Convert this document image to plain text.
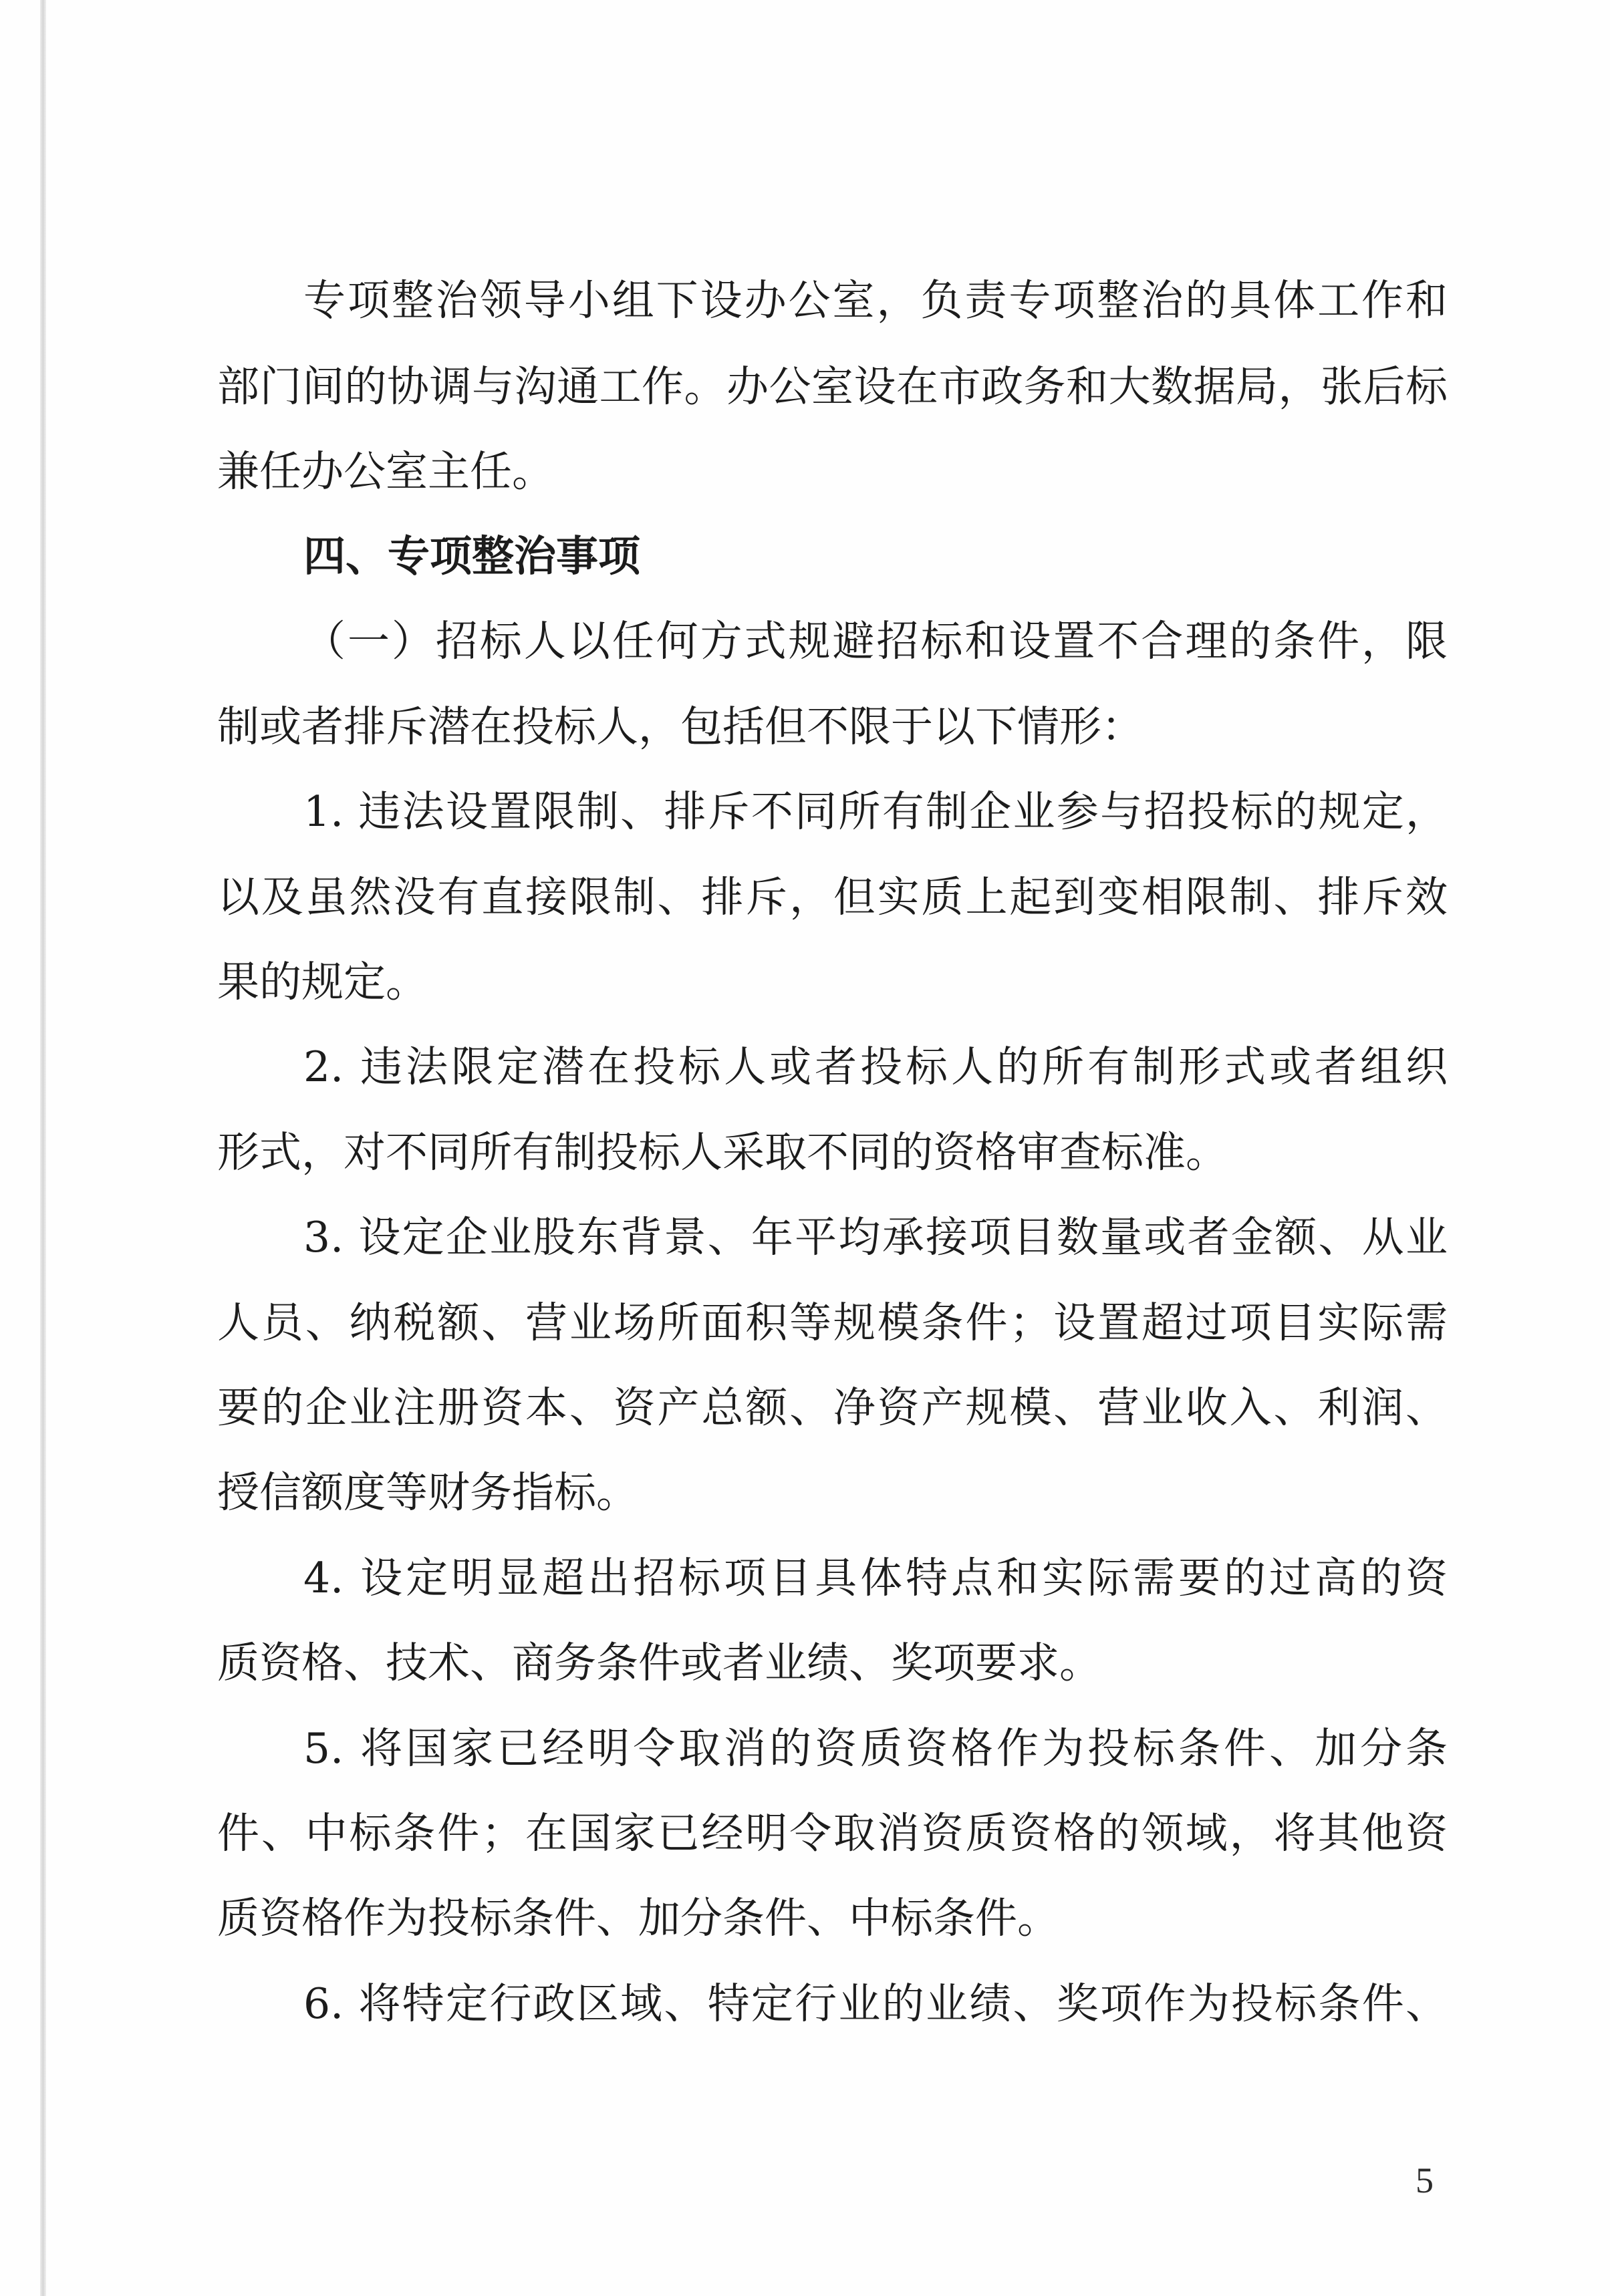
专项整治领导小组下设办公室，负责专项整治的具体工作和
部门间的协调与沟通工作。办公室设在市政务和大数据局，张后标
兼任办公室主任。
四、专项整治事项
（一）招标人以任何方式规避招标和设置不合理的条件，限
制或者排斥潜在投标人，包括但不限于以下情形：
1. 违法设置限制、排斥不同所有制企业参与招投标的规定，
以及虽然没有直接限制、排斥，但实质上起到变相限制、排斥效
果的规定。
2. 违法限定潜在投标人或者投标人的所有制形式或者组织
形式，对不同所有制投标人采取不同的资格审查标准。
3. 设定企业股东背景、年平均承接项目数量或者金额、从业
人员、纳税额、营业场所面积等规模条件；设置超过项目实际需
要的企业注册资本、资产总额、净资产规模、营业收入、利润、
授信额度等财务指标。
4. 设定明显超出招标项目具体特点和实际需要的过高的资
质资格、技术、商务条件或者业绩、奖项要求。
5. 将国家已经明令取消的资质资格作为投标条件、加分条
件、中标条件；在国家已经明令取消资质资格的领域，将其他资
质资格作为投标条件、加分条件、中标条件。
6. 将特定行政区域、特定行业的业绩、奖项作为投标条件、
5
